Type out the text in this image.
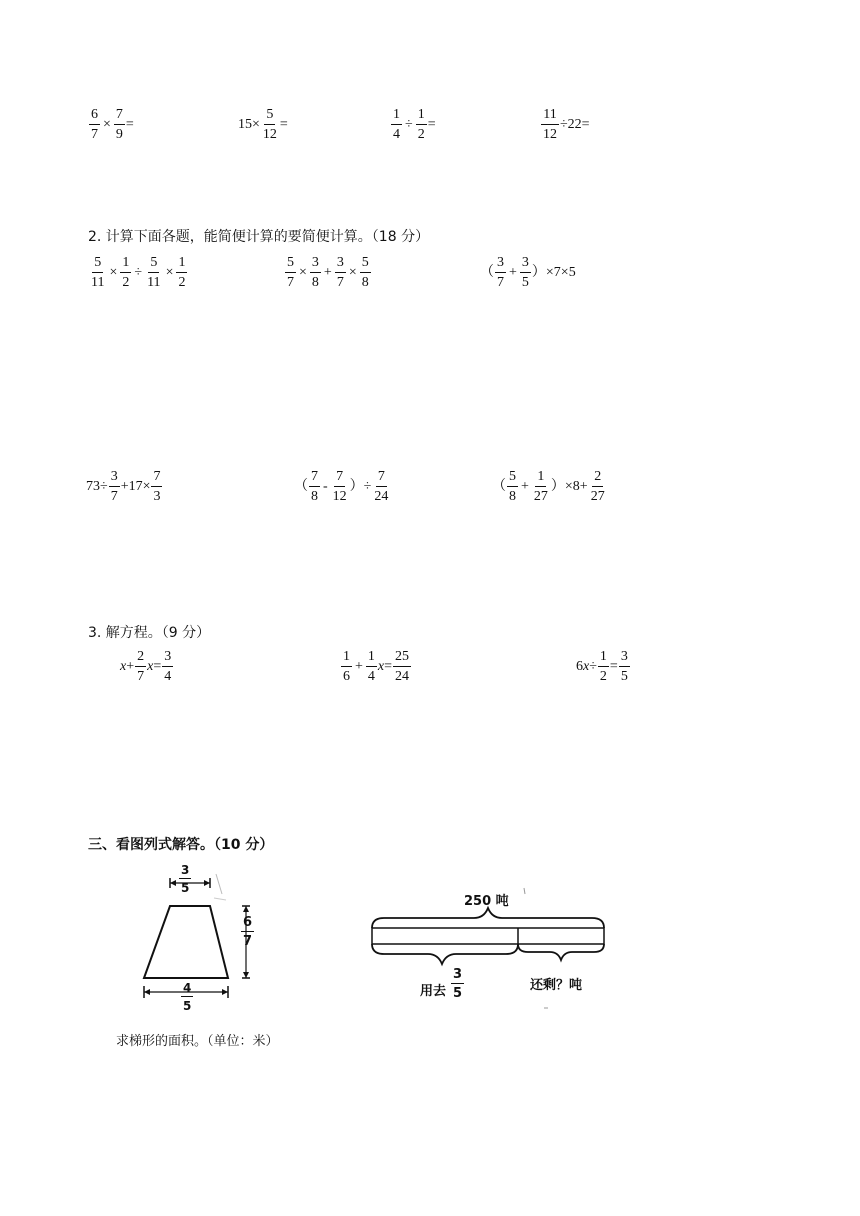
$\frac{6}{7} \times \frac{7}{9}$ =	$15\times \frac{5}{12}$ =	$\frac{1}{4} \div \frac{1}{2}$ =	$\frac{11}{12} \div 22=$
2. 计算下面各题，能简便计算的要简便计算。（18 分）
$\frac{5}{11} \times \frac{1}{2} \div \frac{5}{11} \times \frac{1}{2}$	$\frac{5}{7} \times \frac{3}{8} + \frac{3}{7} \times \frac{5}{8}$	（ $\frac{3}{7} + \frac{3}{5} )\times 7\times 5$
$73\div \frac{3}{7} +17\times \frac{7}{3}$	（ $\frac{7}{8} - \frac{7}{12}$ ）÷ $\frac{7}{24}$	（ $\frac{5}{8} + \frac{1}{27} )\times 8+ \frac{2}{27}$
3. 解方程。（9 分）
$x + \frac{2}{7}$ $x = \frac{3}{4}$	$\frac{1}{6} + \frac{1}{4}$ $x = \frac{25}{24}$	6 $x \div \frac{1}{2} = \frac{3}{5}$
三、看图列式解答。（10 分）
$\frac{3}{5}$
$\frac{6}{7}$
$\frac{4}{5}$
求梯形的面积。（单位：米）
250 吨
用去 $\frac{3}{5}$	还剩？吨
